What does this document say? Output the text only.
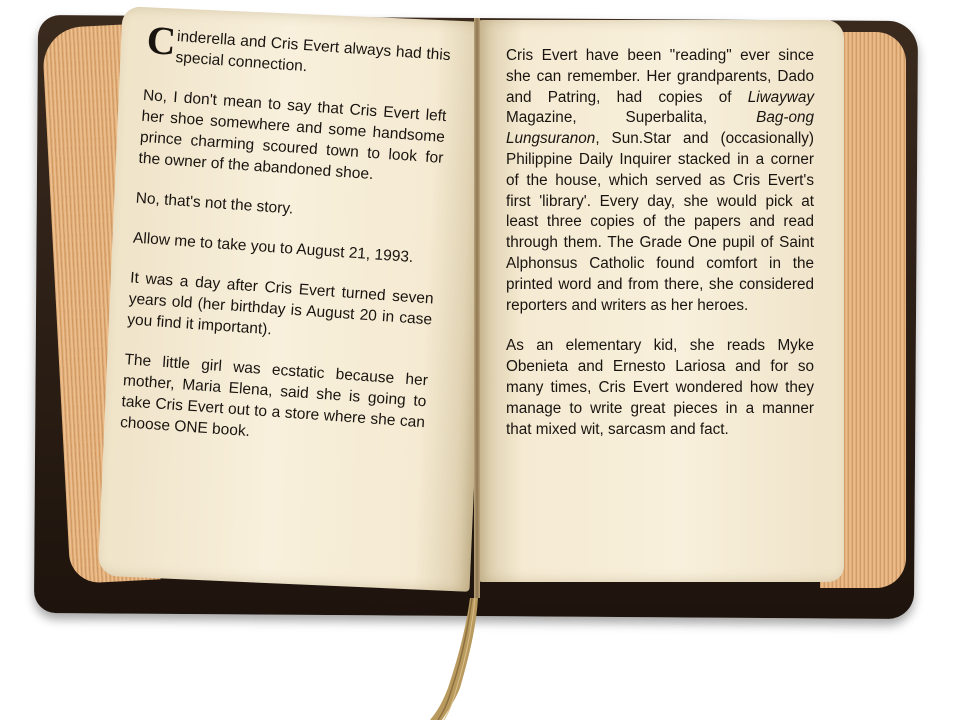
Cinderella and Cris Evert always had this special connection.

No, I don't mean to say that Cris Evert left her shoe somewhere and some handsome prince charming scoured town to look for the owner of the abandoned shoe.

No, that's not the story.

Allow me to take you to August 21, 1993.

It was a day after Cris Evert turned seven years old (her birthday is August 20 in case you find it important).

The little girl was ecstatic because her mother, Maria Elena, said she is going to take Cris Evert out to a store where she can choose ONE book.

Cris Evert have been "reading" ever since she can remember. Her grandparents, Dado and Patring, had copies of Liwayway Magazine, Superbalita, Bag-ong Lungsuranon, Sun.Star and (occasionally) Philippine Daily Inquirer stacked in a corner of the house, which served as Cris Evert's first 'library'. Every day, she would pick at least three copies of the papers and read through them. The Grade One pupil of Saint Alphonsus Catholic found comfort in the printed word and from there, she considered reporters and writers as her heroes.

As an elementary kid, she reads Myke Obenieta and Ernesto Lariosa and for so many times, Cris Evert wondered how they manage to write great pieces in a manner that mixed wit, sarcasm and fact.
